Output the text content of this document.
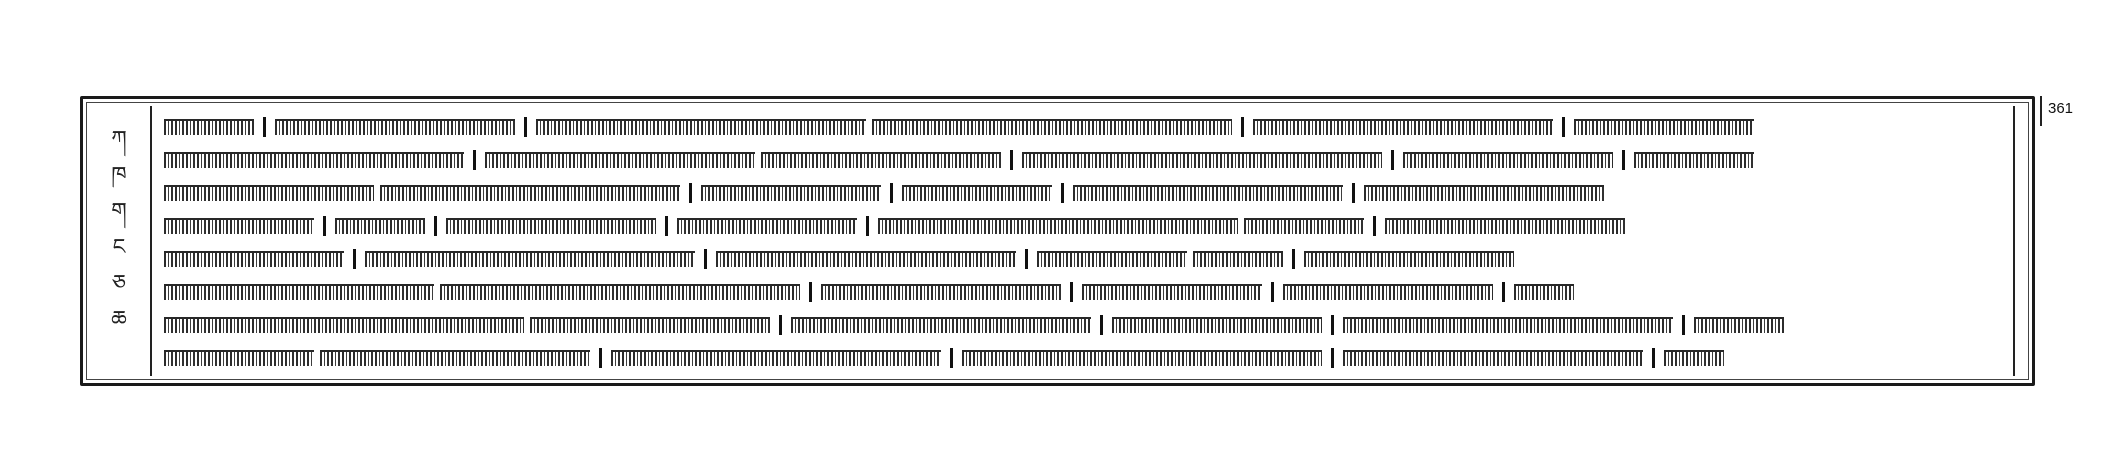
ཀ
ཁ
ག
ང
ཅ
ཆ
361
